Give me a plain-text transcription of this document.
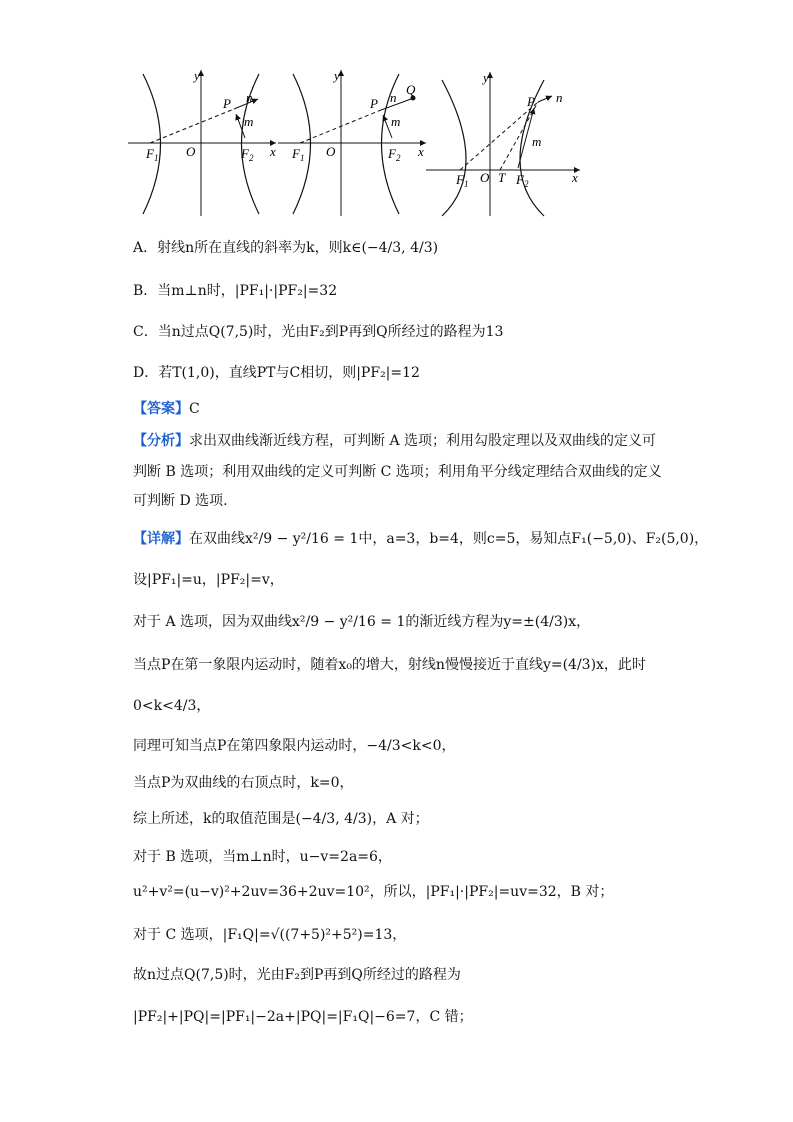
y
P n
m
$F_1$ O	$F_2$ x
y
P
Q
n
m
$F_1$ O	$F_2$ x
y
P n
m
$F_1$ O T $F_2$	x
A．射线n所在直线的斜率为k，则k∈(−4/3, 4/3)
B．当m⊥n时，|PF₁|·|PF₂|=32
C．当n过点Q(7,5)时，光由F₂到P再到Q所经过的路程为13
D．若T(1,0)，直线PT与C相切，则|PF₂|=12
【答案】C
【分析】求出双曲线渐近线方程，可判断 A 选项；利用勾股定理以及双曲线的定义可
判断 B 选项；利用双曲线的定义可判断 C 选项；利用角平分线定理结合双曲线的定义
可判断 D 选项.
【详解】在双曲线x²/9 − y²/16 = 1中，a=3，b=4，则c=5，易知点F₁(−5,0)、F₂(5,0)，
设|PF₁|=u，|PF₂|=v，
对于 A 选项，因为双曲线x²/9 − y²/16 = 1的渐近线方程为y=±(4/3)x，
当点P在第一象限内运动时，随着x₀的增大，射线n慢慢接近于直线y=(4/3)x，此时
0<k<4/3，
同理可知当点P在第四象限内运动时，−4/3<k<0，
当点P为双曲线的右顶点时，k=0，
综上所述，k的取值范围是(−4/3, 4/3)，A 对；
对于 B 选项，当m⊥n时，u−v=2a=6，
u²+v²=(u−v)²+2uv=36+2uv=10²，所以，|PF₁|·|PF₂|=uv=32，B 对；
对于 C 选项，|F₁Q|=√((7+5)²+5²)=13，
故n过点Q(7,5)时，光由F₂到P再到Q所经过的路程为
|PF₂|+|PQ|=|PF₁|−2a+|PQ|=|F₁Q|−6=7，C 错；
